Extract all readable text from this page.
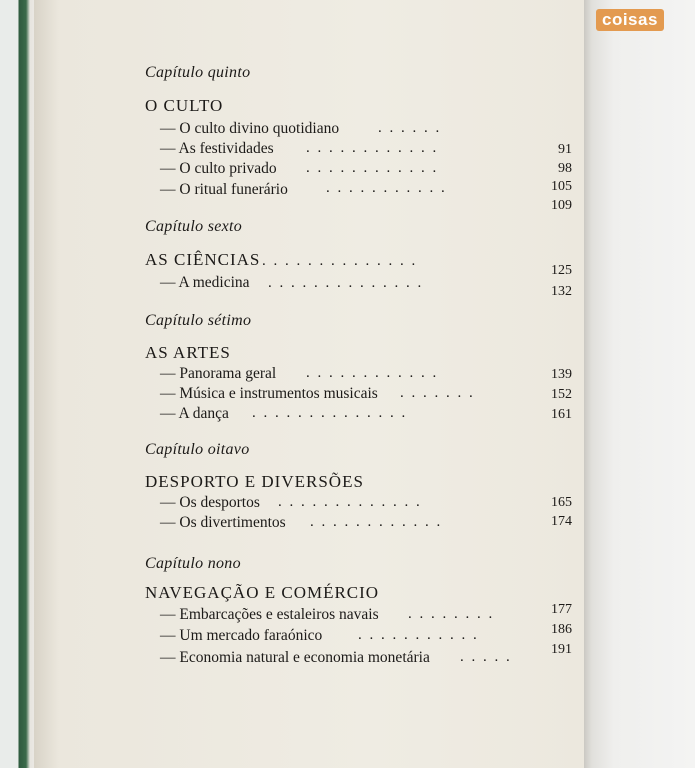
coisas
Capítulo quinto
O CULTO
— O culto divino quotidiano
— As festividades
— O culto privado
— O ritual funerário
91
98
105
109
Capítulo sexto
AS CIÊNCIAS
— A medicina
125
132
Capítulo sétimo
AS ARTES
— Panorama geral
— Música e instrumentos musicais
— A dança
139
152
161
Capítulo oitavo
DESPORTO E DIVERSÕES
— Os desportos
— Os divertimentos
165
174
Capítulo nono
NAVEGAÇÃO E COMÉRCIO
— Embarcações e estaleiros navais
— Um mercado faraónico
— Economia natural e economia monetária
177
186
191
. . . . . .
. . . . . . . . . . . .
. . . . . . . . . . . .
. . . . . . . . . . .
. . . . . . . . . . . . . .
. . . . . . . . . . . . . .
. . . . . . . . . . . .
. . . . . . .
. . . . . . . . . . . . . .
. . . . . . . . . . . . .
. . . . . . . . . . . .
. . . . . . . .
. . . . . . . . . . .
. . . . .
